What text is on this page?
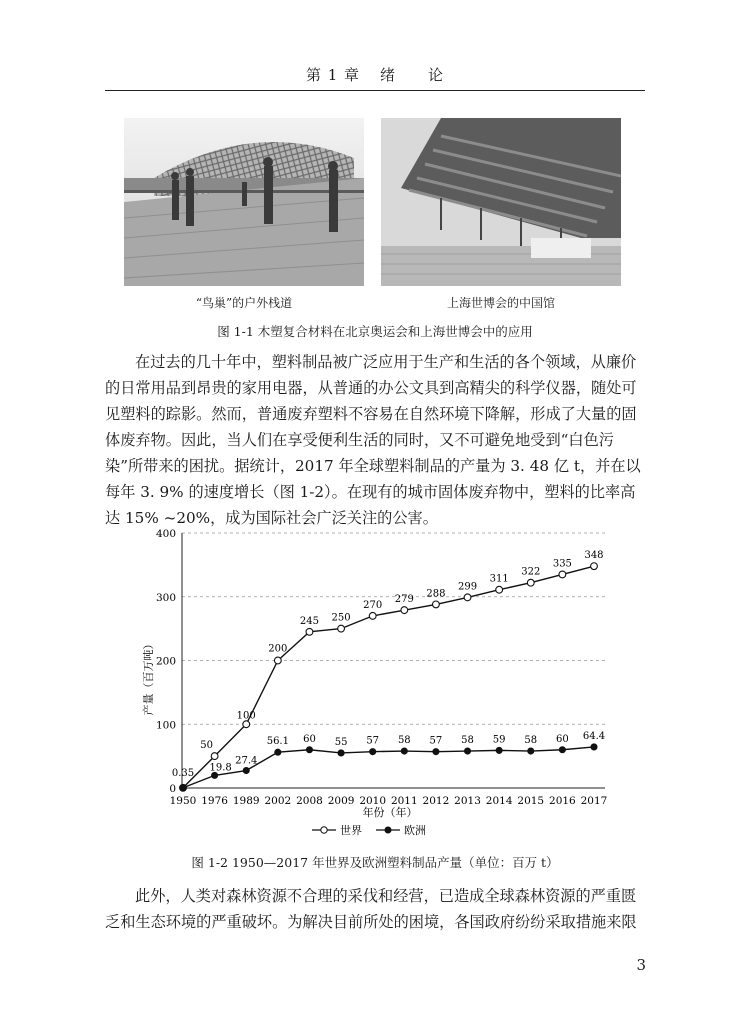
第 1 章 绪 论
“鸟巢”的户外栈道	上海世博会的中国馆
图 1-1 木塑复合材料在北京奥运会和上海世博会中的应用

在过去的几十年中，塑料制品被广泛应用于生产和生活的各个领域，从廉价的日常用品到昂贵的家用电器，从普通的办公文具到高精尖的科学仪器，随处可见塑料的踪影。然而，普通废弃塑料不容易在自然环境下降解，形成了大量的固体废弃物。因此，当人们在享受便利生活的同时，又不可避免地受到“白色污染”所带来的困扰。据统计，2017 年全球塑料制品的产量为 3. 48 亿 t，并在以每年 3. 9% 的速度增长（图 1-2）。在现有的城市固体废弃物中，塑料的比率高达 15% ~20%，成为国际社会广泛关注的公害。

0
100
200
300
400
1950 1976 1989 2002 2008 2009 2010 2011 2012 2013 2014 2015 2016 2017
0.35
50
100
200
245 250
270
279
288
299
311
322
335
348
19.8
27.4
56.1 60 55 57 58 57 58 59 58 60 64.4
产量（百万吨）
年份（年）
世界	欧洲
图 1-2 1950—2017 年世界及欧洲塑料制品产量（单位：百万 t）

此外，人类对森林资源不合理的采伐和经营，已造成全球森林资源的严重匮乏和生态环境的严重破坏。为解决目前所处的困境，各国政府纷纷采取措施来限

3
